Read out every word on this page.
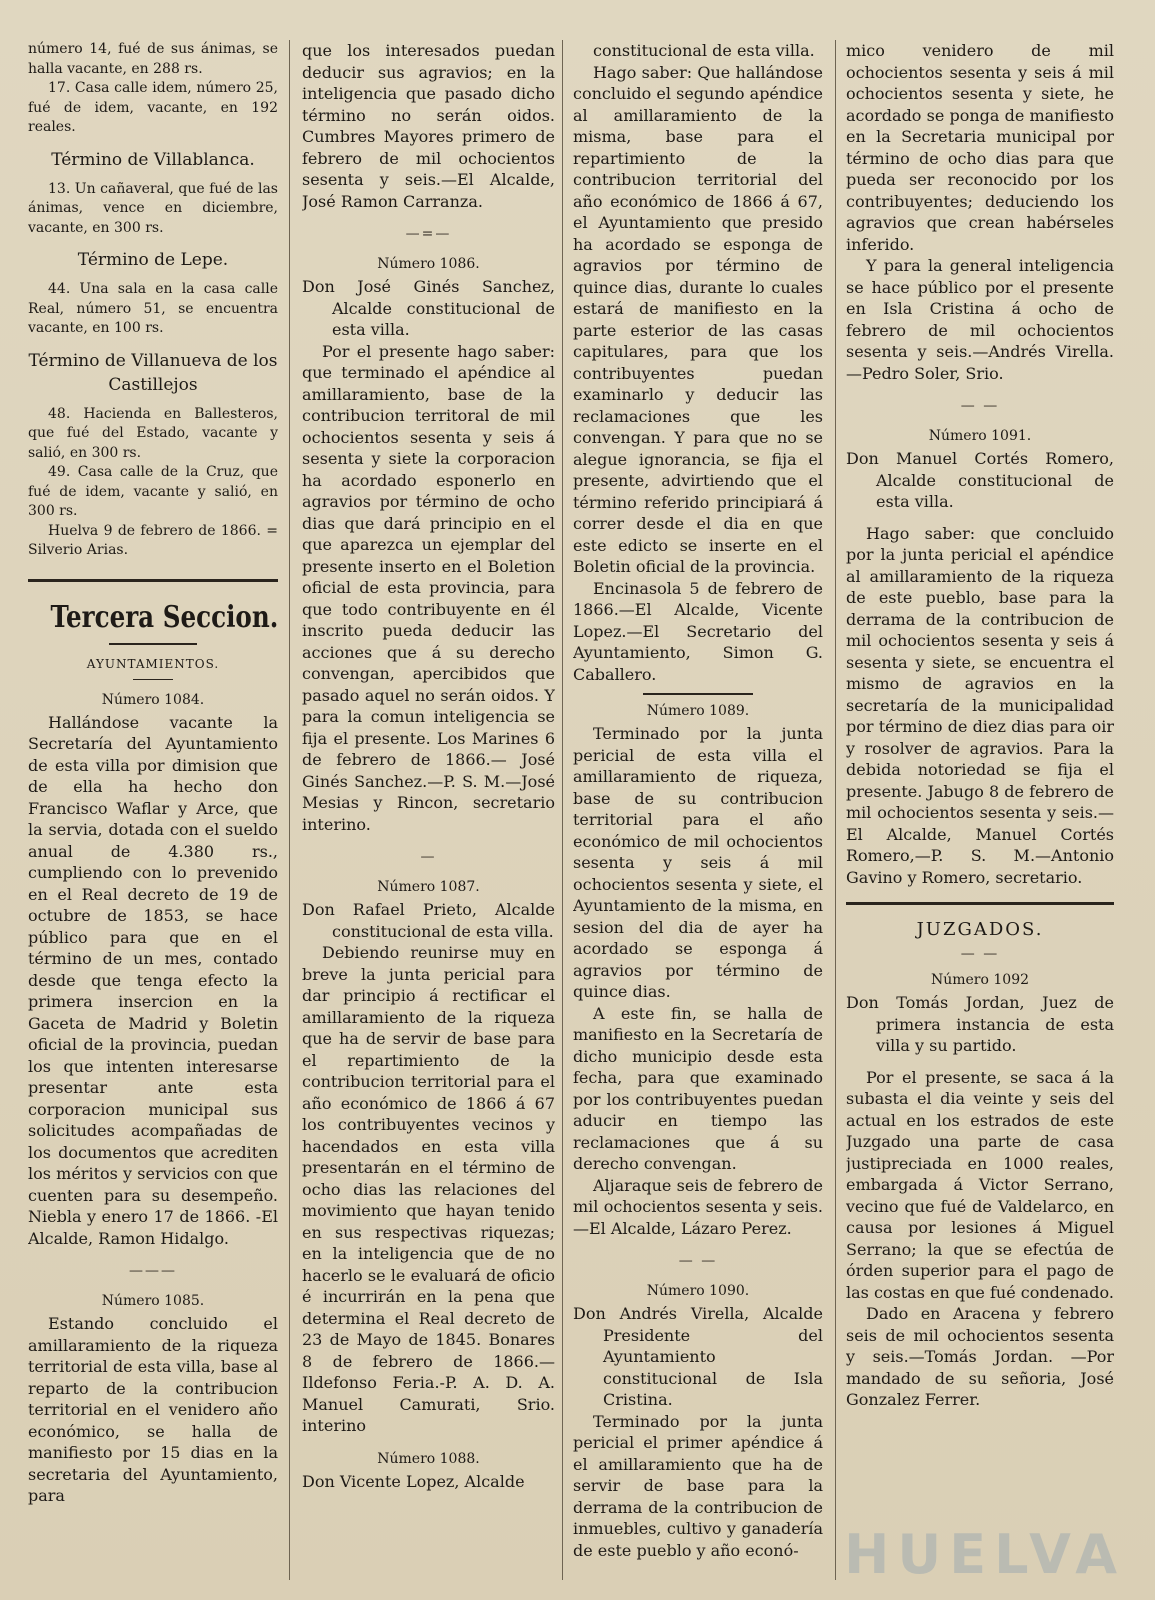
número 14, fué de sus ánimas, se halla vacante, en 288 rs.

17. Casa calle idem, número 25, fué de idem, vacante, en 192 reales.

Término de Villablanca.

13. Un cañaveral, que fué de las ánimas, vence en diciembre, vacante, en 300 rs.

Término de Lepe.

44. Una sala en la casa calle Real, número 51, se encuentra vacante, en 100 rs.

Término de Villanueva de los Castillejos

48. Hacienda en Ballesteros, que fué del Estado, vacante y salió, en 300 rs.

49. Casa calle de la Cruz, que fué de idem, vacante y salió, en 300 rs.

Huelva 9 de febrero de 1866. = Silverio Arias.

Tercera Seccion.
AYUNTAMIENTOS.
Número 1084.

Hallándose vacante la Secretaría del Ayuntamiento de esta villa por dimision que de ella ha hecho don Francisco Waflar y Arce, que la servia, dotada con el sueldo anual de 4.380 rs., cumpliendo con lo prevenido en el Real decreto de 19 de octubre de 1853, se hace público para que en el término de un mes, contado desde que tenga efecto la primera insercion en la Gaceta de Madrid y Boletin oficial de la provincia, puedan los que intenten interesarse presentar ante esta corporacion municipal sus solicitudes acompañadas de los documentos que acrediten los méritos y servicios con que cuenten para su desempeño. Niebla y enero 17 de 1866. -El Alcalde, Ramon Hidalgo.

———
Número 1085.

Estando concluido el amillaramiento de la riqueza territorial de esta villa, base al reparto de la contribucion territorial en el venidero año económico, se halla de manifiesto por 15 dias en la secretaria del Ayuntamiento, para

que los interesados puedan deducir sus agravios; en la inteligencia que pasado dicho término no serán oidos. Cumbres Mayores primero de febrero de mil ochocientos sesenta y seis.—El Alcalde, José Ramon Carranza.

—=—
Número 1086.

Don José Ginés Sanchez, Alcalde constitucional de esta villa.

Por el presente hago saber: que terminado el apéndice al amillaramiento, base de la contribucion territoral de mil ochocientos sesenta y seis á sesenta y siete la corporacion ha acordado esponerlo en agravios por término de ocho dias que dará principio en el que aparezca un ejemplar del presente inserto en el Boletion oficial de esta provincia, para que todo contribuyente en él inscrito pueda deducir las acciones que á su derecho convengan, apercibidos que pasado aquel no serán oidos. Y para la comun inteligencia se fija el presente. Los Marines 6 de febrero de 1866.— José Ginés Sanchez.—P. S. M.—José Mesias y Rincon, secretario interino.

—
Número 1087.

Don Rafael Prieto, Alcalde constitucional de esta villa.

Debiendo reunirse muy en breve la junta pericial para dar principio á rectificar el amillaramiento de la riqueza que ha de servir de base para el repartimiento de la contribucion territorial para el año económico de 1866 á 67 los contribuyentes vecinos y hacendados en esta villa presentarán en el término de ocho dias las relaciones del movimiento que hayan tenido en sus respectivas riquezas; en la inteligencia que de no hacerlo se le evaluará de oficio é incurrirán en la pena que determina el Real decreto de 23 de Mayo de 1845. Bonares 8 de febrero de 1866.— Ildefonso Feria.-P. A. D. A. Manuel Camurati, Srio. interino

Número 1088.

Don Vicente Lopez, Alcalde

constitucional de esta villa.

Hago saber: Que hallándose concluido el segundo apéndice al amillaramiento de la misma, base para el repartimiento de la contribucion territorial del año económico de 1866 á 67, el Ayuntamiento que presido ha acordado se esponga de agravios por término de quince dias, durante lo cuales estará de manifiesto en la parte esterior de las casas capitulares, para que los contribuyentes puedan examinarlo y deducir las reclamaciones que les convengan. Y para que no se alegue ignorancia, se fija el presente, advirtiendo que el término referido principiará á correr desde el dia en que este edicto se inserte en el Boletin oficial de la provincia.

Encinasola 5 de febrero de 1866.—El Alcalde, Vicente Lopez.—El Secretario del Ayuntamiento, Simon G. Caballero.

Número 1089.

Terminado por la junta pericial de esta villa el amillaramiento de riqueza, base de su contribucion territorial para el año económico de mil ochocientos sesenta y seis á mil ochocientos sesenta y siete, el Ayuntamiento de la misma, en sesion del dia de ayer ha acordado se esponga á agravios por término de quince dias.

A este fin, se halla de manifiesto en la Secretaría de dicho municipio desde esta fecha, para que examinado por los contribuyentes puedan aducir en tiempo las reclamaciones que á su derecho convengan.

Aljaraque seis de febrero de mil ochocientos sesenta y seis.—El Alcalde, Lázaro Perez.

— —
Número 1090.

Don Andrés Virella, Alcalde Presidente del Ayuntamiento constitucional de Isla Cristina.

Terminado por la junta pericial el primer apéndice á el amillaramiento que ha de servir de base para la derrama de la contribucion de inmuebles, cultivo y ganadería de este pueblo y año econó-

mico venidero de mil ochocientos sesenta y seis á mil ochocientos sesenta y siete, he acordado se ponga de manifiesto en la Secretaria municipal por término de ocho dias para que pueda ser reconocido por los contribuyentes; deduciendo los agravios que crean habérseles inferido.

Y para la general inteligencia se hace público por el presente en Isla Cristina á ocho de febrero de mil ochocientos sesenta y seis.—Andrés Virella.—Pedro Soler, Srio.

— —
Número 1091.

Don Manuel Cortés Romero, Alcalde constitucional de esta villa.

Hago saber: que concluido por la junta pericial el apéndice al amillaramiento de la riqueza de este pueblo, base para la derrama de la contribucion de mil ochocientos sesenta y seis á sesenta y siete, se encuentra el mismo de agravios en la secretaría de la municipalidad por término de diez dias para oir y rosolver de agravios. Para la debida notoriedad se fija el presente. Jabugo 8 de febrero de mil ochocientos sesenta y seis.— El Alcalde, Manuel Cortés Romero,—P. S. M.—Antonio Gavino y Romero, secretario.

JUZGADOS.
— —
Número 1092

Don Tomás Jordan, Juez de primera instancia de esta villa y su partido.

Por el presente, se saca á la subasta el dia veinte y seis del actual en los estrados de este Juzgado una parte de casa justipreciada en 1000 reales, embargada á Victor Serrano, vecino que fué de Valdelarco, en causa por lesiones á Miguel Serrano; la que se efectúa de órden superior para el pago de las costas en que fué condenado.

Dado en Aracena y febrero seis de mil ochocientos sesenta y seis.—Tomás Jordan. —Por mandado de su señoria, José Gonzalez Ferrer.

HUELVA
